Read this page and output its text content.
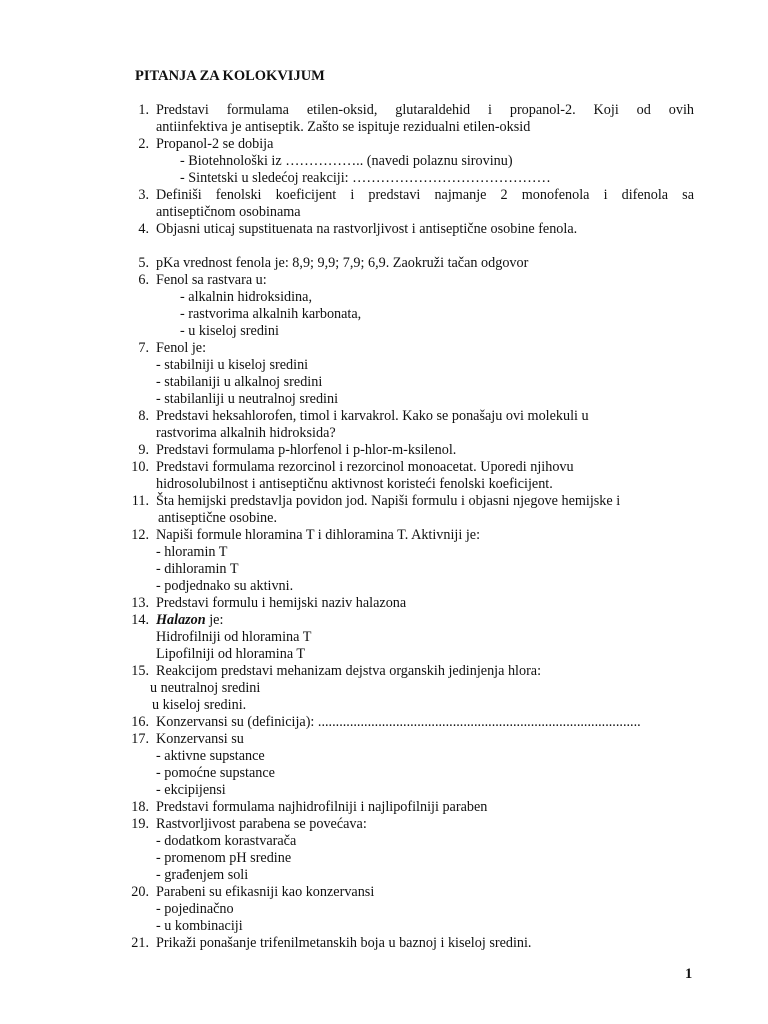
PITANJA ZA KOLOKVIJUM
1. Predstavi formulama etilen-oksid, glutaraldehid i propanol-2. Koji od ovih
antiinfektiva je antiseptik. Zašto se ispituje rezidualni etilen-oksid
2. Propanol-2 se dobija
- Biotehnološki iz …………….. (navedi polaznu sirovinu)
- Sintetski u sledećoj reakciji: ……………………………………
3. Definiši fenolski koeficijent i predstavi najmanje 2 monofenola i difenola sa
antiseptičnom osobinama
4. Objasni uticaj supstituenata na rastvorljivost i antiseptične osobine fenola.
5. pKa vrednost fenola je: 8,9; 9,9; 7,9; 6,9. Zaokruži tačan odgovor
6. Fenol sa rastvara u:
- alkalnin hidroksidina,
- rastvorima alkalnih karbonata,
- u kiseloj sredini
7. Fenol je:
- stabilniji u kiseloj sredini
- stabilaniji u alkalnoj sredini
- stabilanliji u neutralnoj sredini
8. Predstavi heksahlorofen, timol i karvakrol. Kako se ponašaju ovi molekuli u
rastvorima alkalnih hidroksida?
9. Predstavi formulama p-hlorfenol i p-hlor-m-ksilenol.
10. Predstavi formulama rezorcinol i rezorcinol monoacetat. Uporedi njihovu
hidrosolubilnost i antiseptičnu aktivnost koristeći fenolski koeficijent.
11. Šta hemijski predstavlja povidon jod. Napiši formulu i objasni njegove hemijske i
antiseptične osobine.
12. Napiši formule hloramina T i dihloramina T. Aktivniji je:
- hloramin T
- dihloramin T
- podjednako su aktivni.
13. Predstavi formulu i hemijski naziv halazona
14. Halazon je:
Hidrofilniji od hloramina T
Lipofilniji od hloramina T
15. Reakcijom predstavi mehanizam dejstva organskih jedinjenja hlora:
u neutralnoj sredini
u kiseloj sredini.
16. Konzervansi su (definicija): ...........................................................................................
17. Konzervansi su
- aktivne supstance
- pomoćne supstance
- ekcipijensi
18. Predstavi formulama najhidrofilniji i najlipofilniji paraben
19. Rastvorljivost parabena se povećava:
- dodatkom korastvarača
- promenom pH sredine
- građenjem soli
20. Parabeni su efikasniji kao konzervansi
- pojedinačno
- u kombinaciji
21. Prikaži ponašanje trifenilmetanskih boja u baznoj i kiseloj sredini.
1
